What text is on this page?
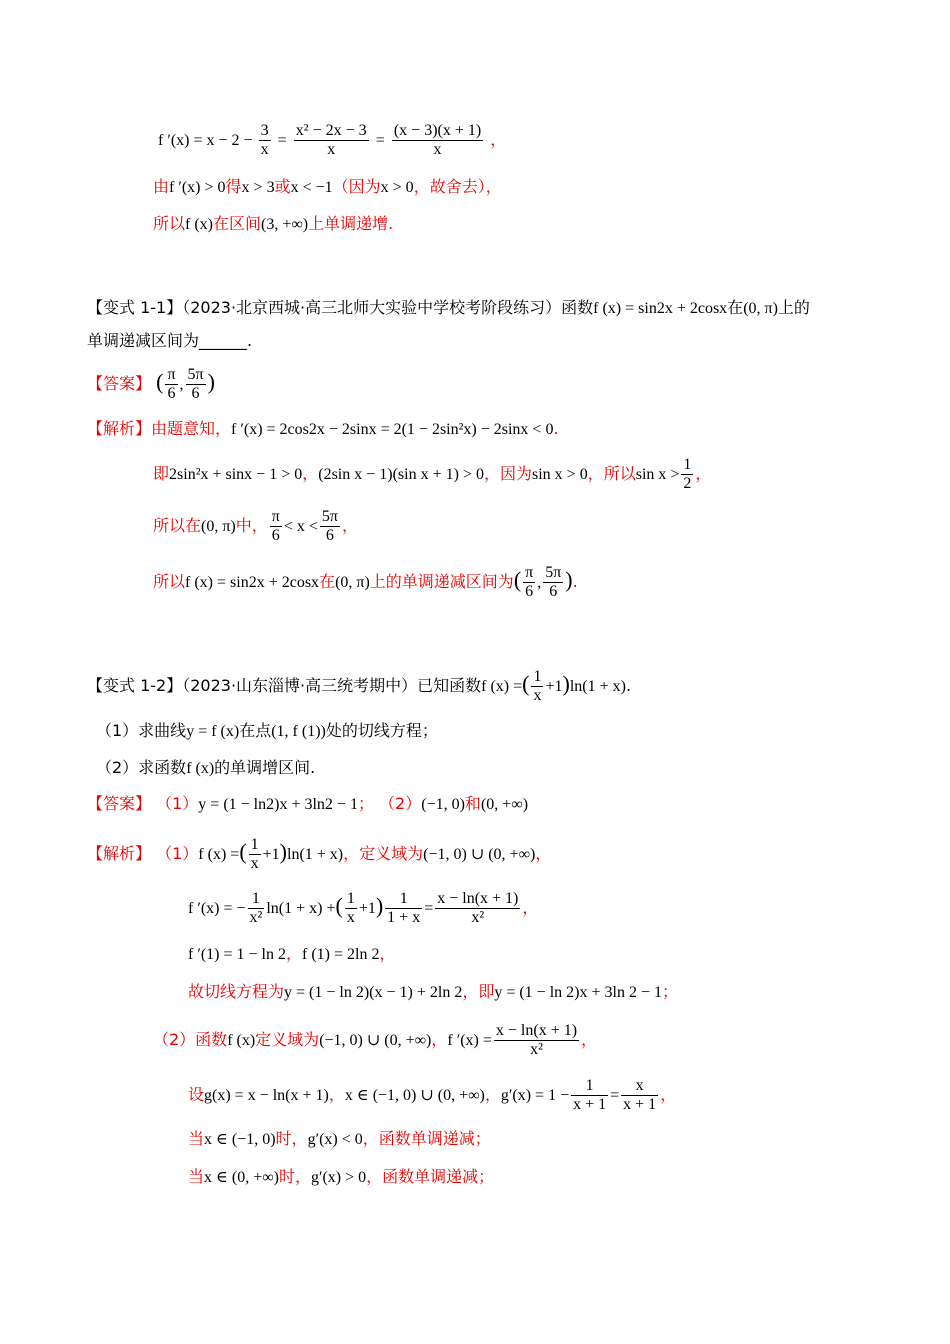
f $'(x) = x - 2 - \frac{3}{x} = \frac{\text{x² − 2x − 3}}{x} = \frac{(x - 3)(x + 1)}{x}$ ，
由f ′(x) > 0得x > 3或x < −1（因为x > 0，故舍去），
所以f (x)在区间(3, +∞)上单调递增.
【变式 1-1】（2023·北京西城·高三北师大实验中学校考阶段练习）函数f (x) = sin2x + 2cosx在(0, π)上的
单调递减区间为______.
【答案】 ( $\frac{\pi}{6}$ , $\frac{5\pi}{6}$ )
【解析】由题意知，f ′(x) = 2cos2x − 2sinx = 2(1 − 2sin²x) − 2sinx < 0.
即2sin²x + sinx − 1 > 0，(2sin x − 1)(sin x + 1) > 0，因为sin x > 0，所以$\sin x > \frac{1}{2}$ ，
所以在(0, π)中， $\frac{\pi}{6} < x < \frac{5\pi}{6}$ ，
所以f (x) = sin2x + 2cosx在(0, π)上的单调递减区间为( $\frac{\pi}{6}$ , $\frac{5\pi}{6}$ ).
【变式 1-2】（2023·山东淄博·高三统考期中）已知函数f (x) =( $\frac{1}{x} +1)\ln(1 + x)$.
（1）求曲线y = f (x)在点(1, f (1))处的切线方程；
（2）求函数f (x)的单调增区间.
【答案】 （1）y = (1 − ln2)x + 3ln2 − 1； （2）(−1, 0)和(0, +∞)
【解析】 （1）f (x) =( $\frac{1}{x} +1)\ln(1 + x)$，定义域为(−1, 0) ∪ (0, +∞)，
f ′(x) = − $\frac{1}{\text{x²}} \ln(1 + x)$ +( $\frac{1}{x} +1) \frac{1}{1 + x} = \frac{x - \ln(x + 1)}{\text{x²}}$ ，
f ′(1) = 1 − ln 2，f (1) = 2ln 2，
故切线方程为y = (1 − ln 2)(x − 1) + 2ln 2，即y = (1 − ln 2)x + 3ln 2 − 1；
（2）函数f (x)定义域为(−1, 0) ∪ (0, +∞)，f $'(x) = \frac{x - \ln(x + 1)}{\text{x²}}$ ，
设g(x) = x − ln(x + 1)，x ∈ (−1, 0) ∪ (0, +∞)，$g'(x) = 1 - \frac{1}{x + 1} = \frac{x}{x + 1}$ ，
当x ∈ (−1, 0)时，g′(x) < 0，函数单调递减；
当x ∈ (0, +∞)时，g′(x) > 0，函数单调递减；
